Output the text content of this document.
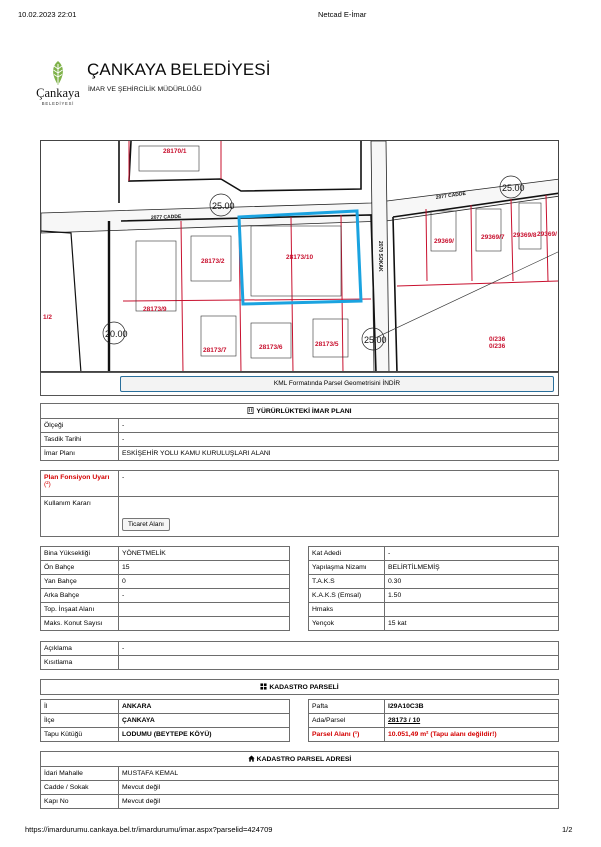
10.02.2023 22:01	Netcad E-İmar
Çankaya
BELEDİYESİ
ÇANKAYA BELEDİYESİ
İMAR VE ŞEHİRCİLİK MÜDÜRLÜĞÜ
25.00
25.00
20.00
25.00
2077 CADDE
2077 CADDE
2070 SOKAK
28170/1
28173/10
28173/2
28173/9
28173/7	28173/6	28173/5
29369/7 29369/8
29369/
29369/
0/236
0/236
1/2
KML Formatında Parsel Geometrisini İNDİR
YÜRÜRLÜKTEKİ İMAR PLANI	
Ölçeği	-
Tasdik Tarihi	-
İmar Planı	ESKİŞEHİR YOLU KAMU KURULUŞLARI ALANI
Plan Fonsiyon Uyarı
(²)	-
Kullanım Kararı	Ticaret Alanı
Bina Yüksekliği	YÖNETMELİK
Ön Bahçe	15
Yan Bahçe	0
Arka Bahçe	-
Top. İnşaat Alanı	
Maks. Konut Sayısı	
Kat Adedi	-
Yapılaşma Nizamı	BELİRTİLMEMİŞ
T.A.K.S	0.30
K.A.K.S (Emsal)	1.50
Hmaks	
Yençok	15 kat
Açıklama	-
Kısıtlama	
KADASTRO PARSELİ
İl	ANKARA
İlçe	ÇANKAYA
Tapu Kütüğü	LODUMU (BEYTEPE KÖYÜ)
Pafta	I29A10C3B
Ada/Parsel	28173 / 10
Parsel Alanı (¹)	10.051,49 m² (Tapu alanı değildir!)
KADASTRO PARSEL ADRESİ	
İdari Mahalle	MUSTAFA KEMAL
Cadde / Sokak	Mevcut değil
Kapı No	Mevcut değil
https://imardurumu.cankaya.bel.tr/imardurumu/imar.aspx?parselid=424709	1/2
